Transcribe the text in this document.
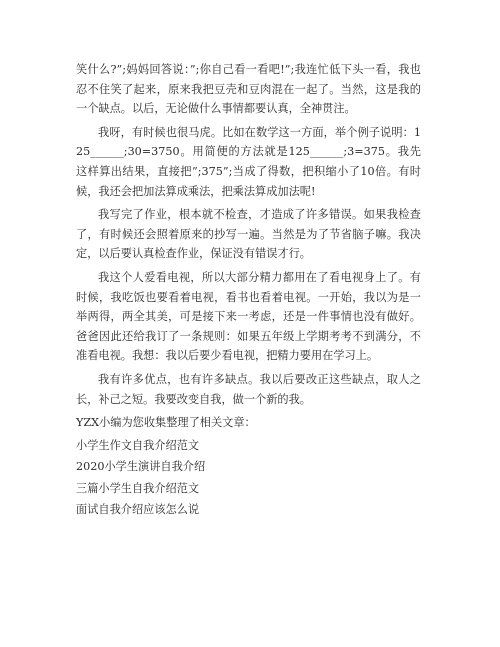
笑什么?”;妈妈回答说：”;你自己看一看吧!”;我连忙低下头一看，我也忍不住笑了起来，原来我把豆壳和豆肉混在一起了。当然，这是我的一个缺点。以后，无论做什么事情都要认真，全神贯注。

我呀，有时候也很马虎。比如在数学这一方面，举个例子说明：125______;30=3750。用简便的方法就是125______;3=375。我先这样算出结果，直接把”;375”;当成了得数，把积缩小了10倍。有时候，我还会把加法算成乘法，把乘法算成加法呢!

我写完了作业，根本就不检查，才造成了许多错误。如果我检查了，有时候还会照着原来的抄写一遍。当然是为了节省脑子嘛。我决定，以后要认真检查作业，保证没有错误才行。

我这个人爱看电视，所以大部分精力都用在了看电视身上了。有时候，我吃饭也要看着电视，看书也看着电视。一开始，我以为是一举两得，两全其美，可是接下来一考虑，还是一件事情也没有做好。爸爸因此还给我订了一条规则：如果五年级上学期考考不到满分，不准看电视。我想：我以后要少看电视，把精力要用在学习上。

我有许多优点，也有许多缺点。我以后要改正这些缺点，取人之长，补己之短。我要改变自我，做一个新的我。

YZX小编为您收集整理了相关文章：
小学生作文自我介绍范文
2020小学生演讲自我介绍
三篇小学生自我介绍范文
面试自我介绍应该怎么说
